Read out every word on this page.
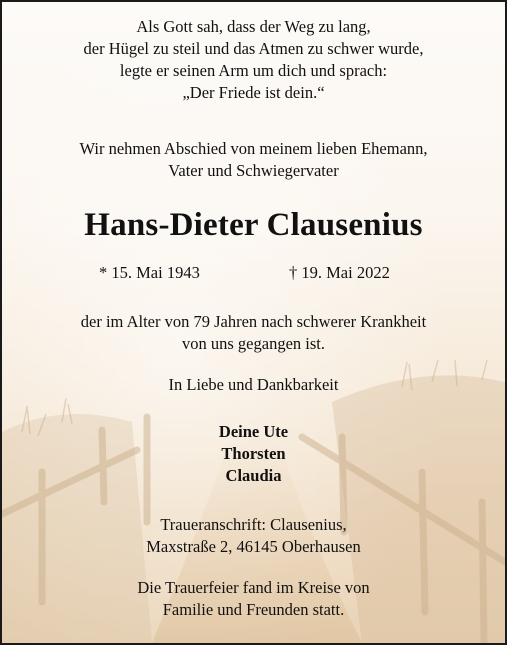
Als Gott sah, dass der Weg zu lang,
der Hügel zu steil und das Atmen zu schwer wurde,
legte er seinen Arm um dich und sprach:
„Der Friede ist dein.“
Wir nehmen Abschied von meinem lieben Ehemann,
Vater und Schwiegervater
Hans-Dieter Clausenius
* 15. Mai 1943	† 19. Mai 2022
der im Alter von 79 Jahren nach schwerer Krankheit
von uns gegangen ist.
In Liebe und Dankbarkeit
Deine Ute
Thorsten
Claudia
Traueranschrift: Clausenius,
Maxstraße 2, 46145 Oberhausen
Die Trauerfeier fand im Kreise von
Familie und Freunden statt.
